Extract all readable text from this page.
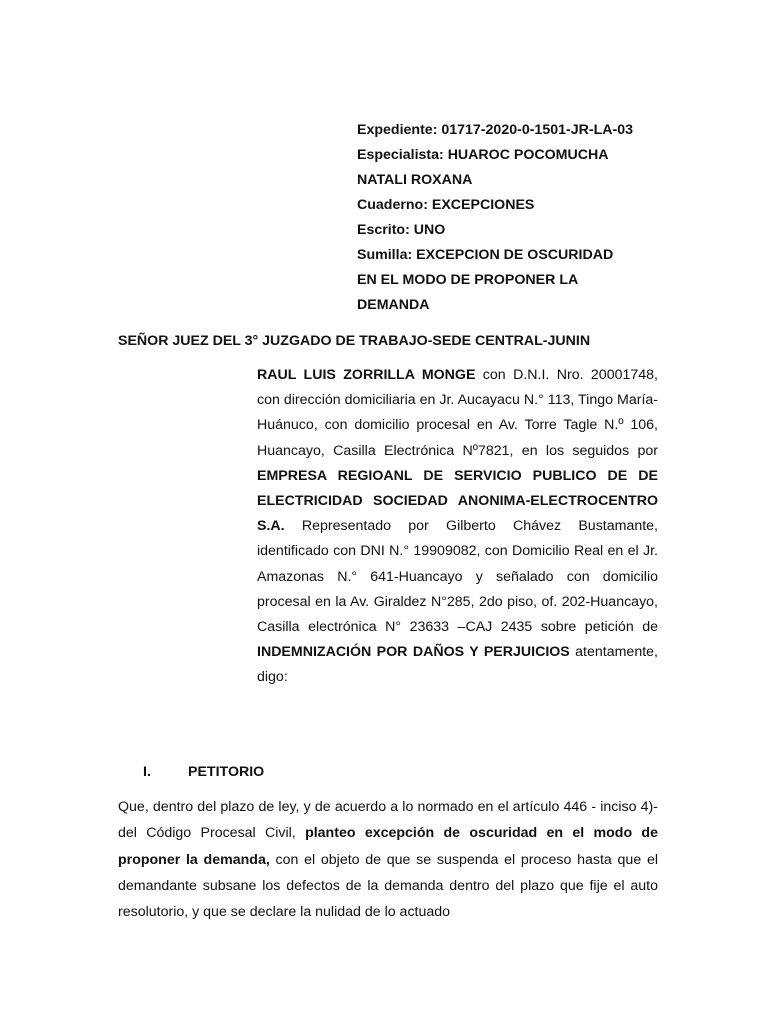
Expediente: 01717-2020-0-1501-JR-LA-03
Especialista: HUAROC POCOMUCHA
NATALI ROXANA
Cuaderno: EXCEPCIONES
Escrito: UNO
Sumilla: EXCEPCION DE OSCURIDAD
EN EL MODO DE PROPONER LA
DEMANDA
SEÑOR JUEZ DEL 3° JUZGADO DE TRABAJO-SEDE CENTRAL-JUNIN
RAUL LUIS ZORRILLA MONGE con D.N.I. Nro. 20001748, con dirección domiciliaria en Jr. Aucayacu N.° 113, Tingo María- Huánuco, con domicilio procesal en Av. Torre Tagle N.º 106, Huancayo, Casilla Electrónica Nº7821, en los seguidos por EMPRESA REGIOANL DE SERVICIO PUBLICO DE DE ELECTRICIDAD SOCIEDAD ANONIMA-ELECTROCENTRO S.A. Representado por Gilberto Chávez Bustamante, identificado con DNI N.° 19909082, con Domicilio Real en el Jr. Amazonas N.° 641-Huancayo y señalado con domicilio procesal en la Av. Giraldez N°285, 2do piso, of. 202-Huancayo, Casilla electrónica N° 23633 –CAJ 2435 sobre petición de INDEMNIZACIÓN POR DAÑOS Y PERJUICIOS atentamente, digo:
I.	PETITORIO
Que, dentro del plazo de ley, y de acuerdo a lo normado en el artículo 446 - inciso 4)- del Código Procesal Civil, planteo excepción de oscuridad en el modo de proponer la demanda, con el objeto de que se suspenda el proceso hasta que el demandante subsane los defectos de la demanda dentro del plazo que fije el auto resolutorio, y que se declare la nulidad de lo actuado
